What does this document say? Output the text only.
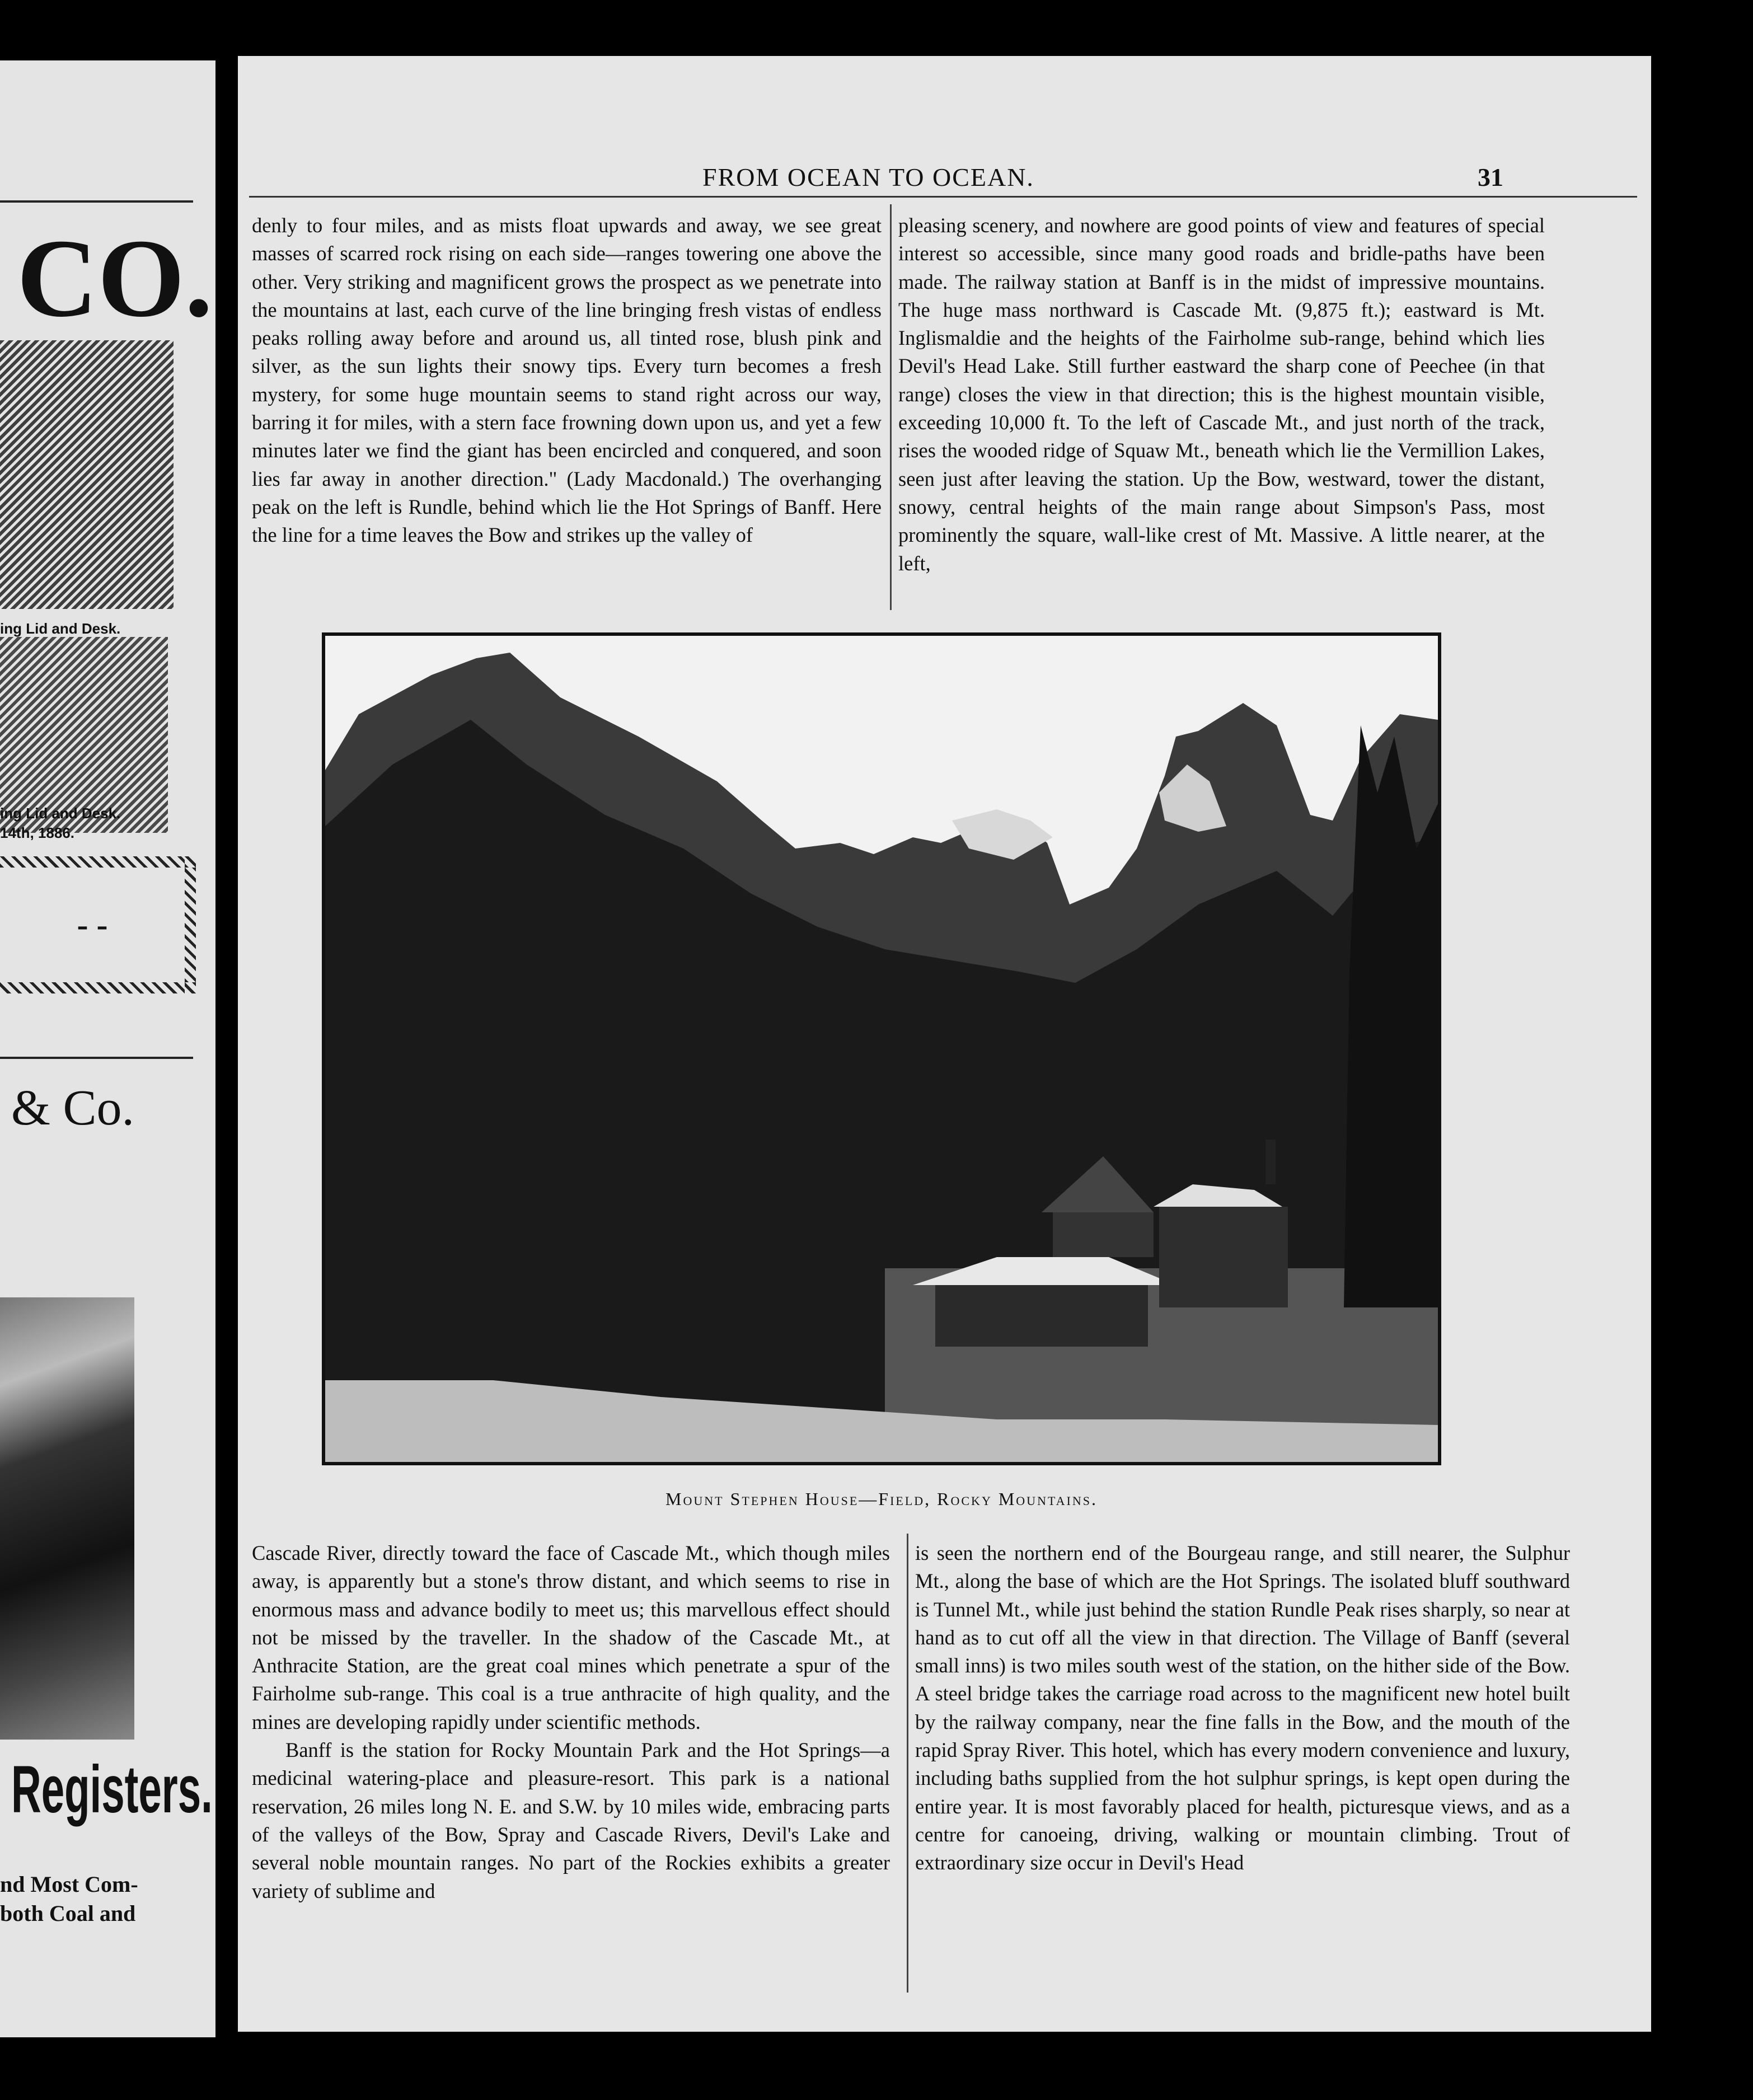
CO.
ing Lid and Desk.
ing Lid and Desk.
14th, 1886.
- -
& Co.
Registers.
nd Most Com-
both Coal and
FROM OCEAN TO OCEAN.	31

denly to four miles, and as mists float upwards and away, we see great masses of scarred rock rising on each side—ranges towering one above the other. Very striking and magnificent grows the prospect as we penetrate into the mountains at last, each curve of the line bringing fresh vistas of endless peaks rolling away before and around us, all tinted rose, blush pink and silver, as the sun lights their snowy tips. Every turn becomes a fresh mystery, for some huge mountain seems to stand right across our way, barring it for miles, with a stern face frowning down upon us, and yet a few minutes later we find the giant has been encircled and conquered, and soon lies far away in another direction." (Lady Macdonald.) The overhanging peak on the left is Rundle, behind which lie the Hot Springs of Banff. Here the line for a time leaves the Bow and strikes up the valley of

pleasing scenery, and nowhere are good points of view and features of special interest so accessible, since many good roads and bridle-paths have been made. The railway station at Banff is in the midst of impressive mountains. The huge mass northward is Cascade Mt. (9,875 ft.); eastward is Mt. Inglismaldie and the heights of the Fairholme sub-range, behind which lies Devil's Head Lake. Still further eastward the sharp cone of Peechee (in that range) closes the view in that direction; this is the highest mountain visible, exceeding 10,000 ft. To the left of Cascade Mt., and just north of the track, rises the wooded ridge of Squaw Mt., beneath which lie the Vermillion Lakes, seen just after leaving the station. Up the Bow, westward, tower the distant, snowy, central heights of the main range about Simpson's Pass, most prominently the square, wall-like crest of Mt. Massive. A little nearer, at the left,

Mount Stephen House—Field, Rocky Mountains.

Cascade River, directly toward the face of Cascade Mt., which though miles away, is apparently but a stone's throw distant, and which seems to rise in enormous mass and advance bodily to meet us; this marvellous effect should not be missed by the traveller. In the shadow of the Cascade Mt., at Anthracite Station, are the great coal mines which penetrate a spur of the Fairholme sub-range. This coal is a true anthracite of high quality, and the mines are developing rapidly under scientific methods.

Banff is the station for Rocky Mountain Park and the Hot Springs—a medicinal watering-place and pleasure-resort. This park is a national reservation, 26 miles long N. E. and S.W. by 10 miles wide, embracing parts of the valleys of the Bow, Spray and Cascade Rivers, Devil's Lake and several noble mountain ranges. No part of the Rockies exhibits a greater variety of sublime and

is seen the northern end of the Bourgeau range, and still nearer, the Sulphur Mt., along the base of which are the Hot Springs. The isolated bluff southward is Tunnel Mt., while just behind the station Rundle Peak rises sharply, so near at hand as to cut off all the view in that direction. The Village of Banff (several small inns) is two miles south west of the station, on the hither side of the Bow. A steel bridge takes the carriage road across to the magnificent new hotel built by the railway company, near the fine falls in the Bow, and the mouth of the rapid Spray River. This hotel, which has every modern convenience and luxury, including baths supplied from the hot sulphur springs, is kept open during the entire year. It is most favorably placed for health, picturesque views, and as a centre for canoeing, driving, walking or mountain climbing. Trout of extraordinary size occur in Devil's Head
